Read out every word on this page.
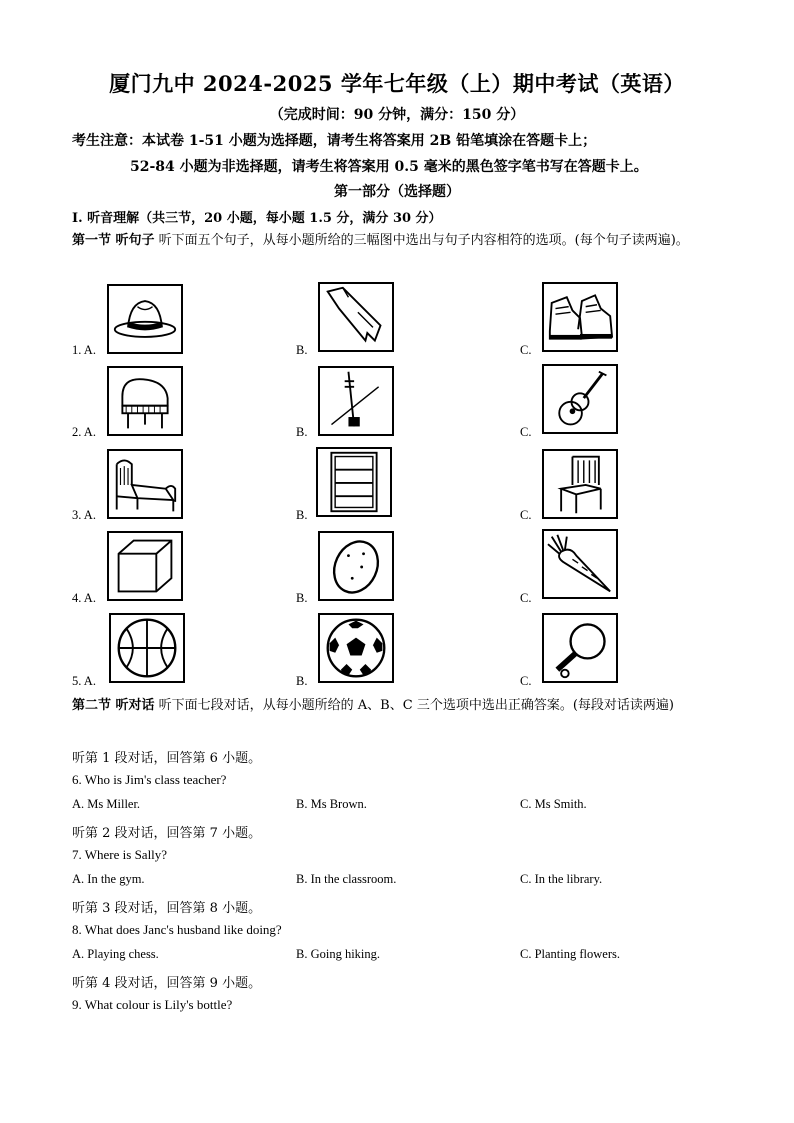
厦门九中 2024-2025 学年七年级（上）期中考试（英语）
（完成时间：90 分钟，满分：150 分）
考生注意：本试卷 1-51 小题为选择题，请考生将答案用 2B 铅笔填涂在答题卡上；
52-84 小题为非选择题，请考生将答案用 0.5 毫米的黑色签字笔书写在答题卡上。
第一部分（选择题）
I. 听音理解（共三节，20 小题，每小题 1.5 分，满分 30 分）
第一节 听句子 听下面五个句子，从每小题所给的三幅图中选出与句子内容相符的选项。(每个句子读两遍)。
1. A.	B.	C.
2. A.	B.	C.
3. A.	B.	C.
4. A.	B.	C.
5. A.	B.	C.
第二节 听对话 听下面七段对话，从每小题所给的 A、B、C 三个选项中选出正确答案。(每段对话读两遍)
听第 1 段对话，回答第 6 小题。
6. Who is Jim's class teacher?
A. Ms Miller.	B. Ms Brown.	C. Ms Smith.
听第 2 段对话，回答第 7 小题。
7. Where is Sally?
A. In the gym.	B. In the classroom.	C. In the library.
听第 3 段对话，回答第 8 小题。
8. What does Janc's husband like doing?
A. Playing chess.	B. Going hiking.	C. Planting flowers.
听第 4 段对话，回答第 9 小题。
9. What colour is Lily's bottle?
